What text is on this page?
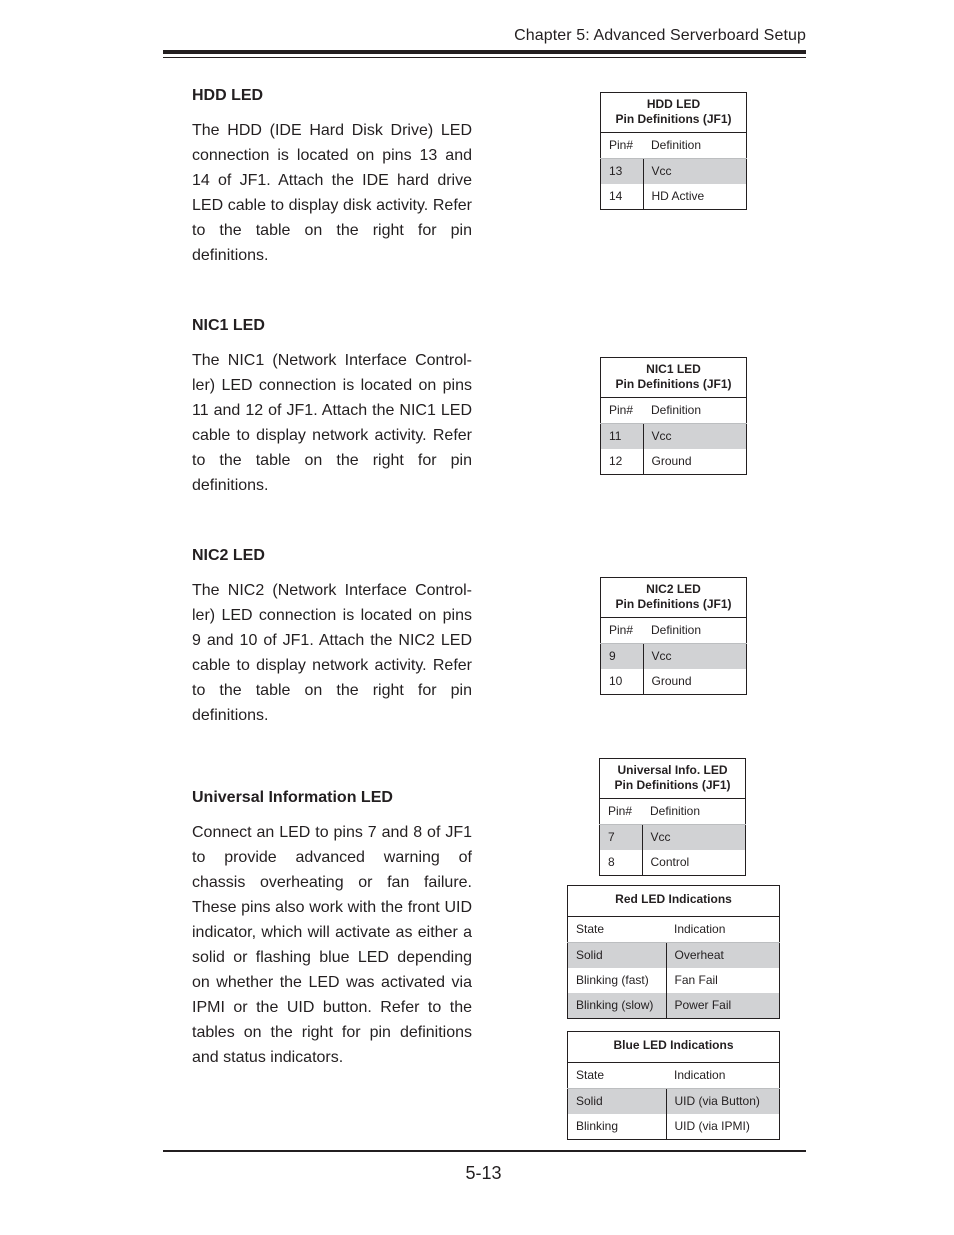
Chapter 5: Advanced Serverboard Setup
HDD LED

The HDD (IDE Hard Disk Drive) LED connection is located on pins 13 and 14 of JF1. Attach the IDE hard drive LED cable to display disk activity. Refer to the table on the right for pin definitions.

NIC1 LED

The NIC1 (Network Interface Controller) LED connection is located on pins 11 and 12 of JF1. Attach the NIC1 LED cable to display network activity. Refer to the table on the right for pin definitions.

NIC2 LED

The NIC2 (Network Interface Controller) LED connection is located on pins 9 and 10 of JF1. Attach the NIC2 LED cable to display network activity. Refer to the table on the right for pin definitions.

Universal Information LED

Connect an LED to pins 7 and 8 of JF1 to provide advanced warning of chassis overheating or fan failure. These pins also work with the front UID indicator, which will activate as either a solid or flashing blue LED depending on whether the LED was activated via IPMI or the UID button. Refer to the tables on the right for pin definitions and status indicators.

HDD LED
Pin Definitions (JF1)	
Pin#	Definition
13	Vcc
14	HD Active
NIC1 LED
Pin Definitions (JF1)	
Pin#	Definition
11	Vcc
12	Ground
NIC2 LED
Pin Definitions (JF1)	
Pin#	Definition
9	Vcc
10	Ground
Universal Info. LED
Pin Definitions (JF1)	
Pin#	Definition
7	Vcc
8	Control
Red LED Indications	
State	Indication
Solid	Overheat
Blinking (fast)	Fan Fail
Blinking (slow)	Power Fail
Blue LED Indications	
State	Indication
Solid	UID (via Button)
Blinking	UID (via IPMI)
5-13
